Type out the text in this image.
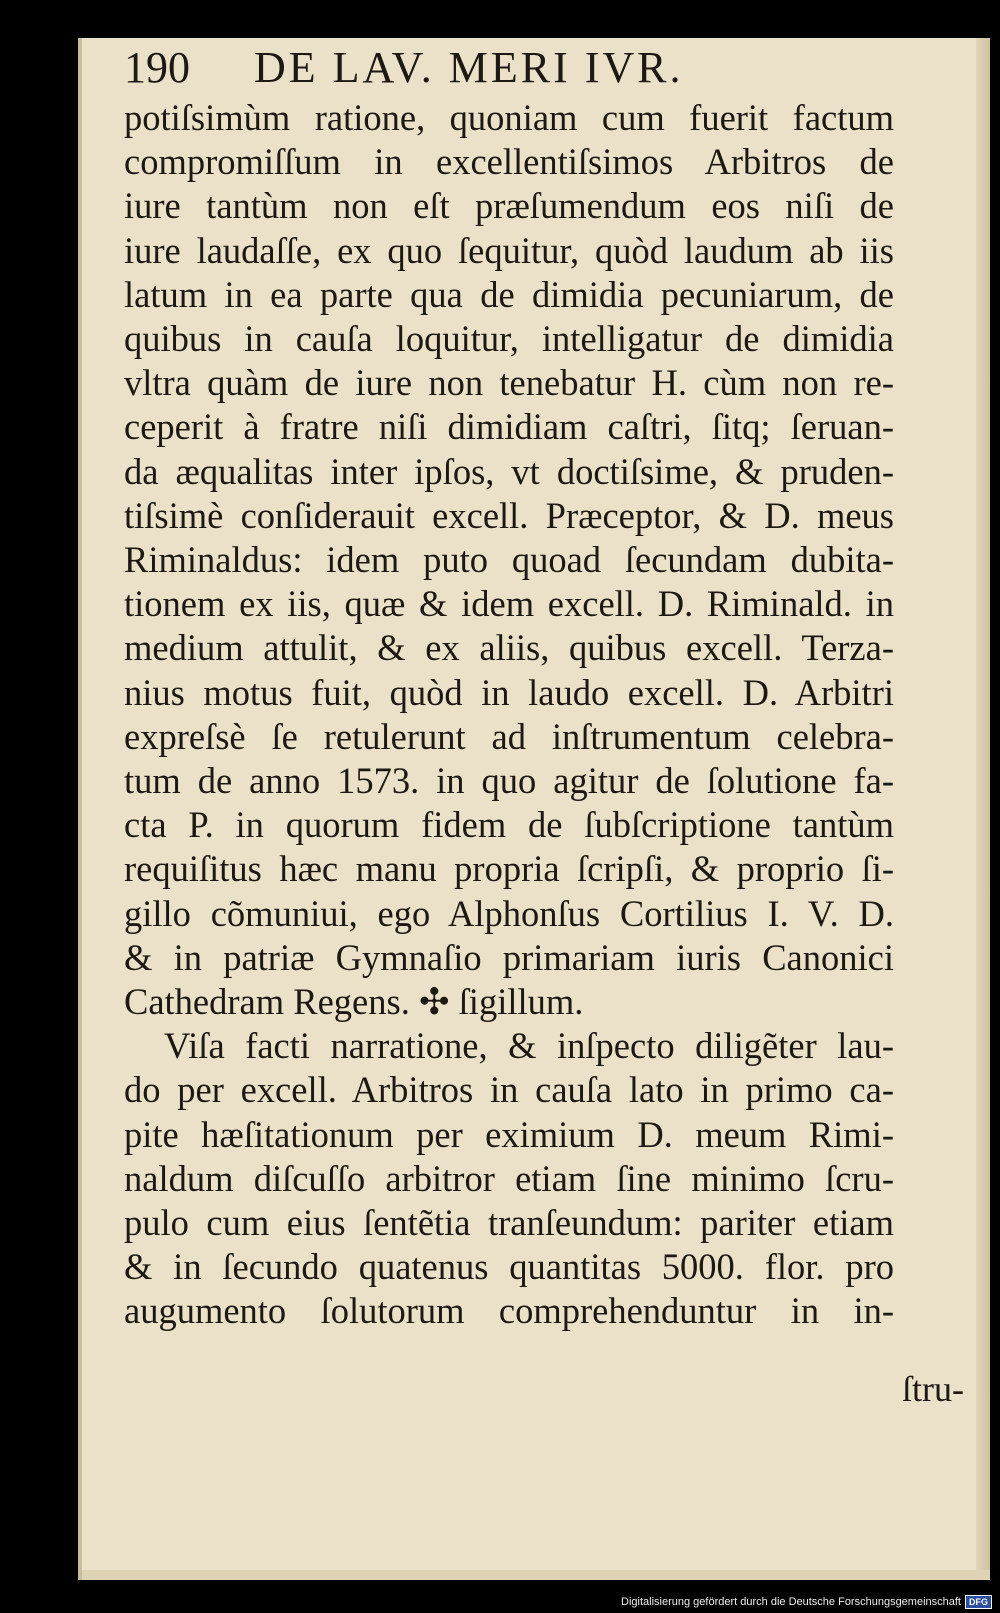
190 DE LAV. MERI IVR.
potiſsimùm ratione, quoniam cum fuerit factum
compromiſſum in excellentiſsimos Arbitros de
iure tantùm non eſt præſumendum eos niſi de
iure laudaſſe, ex quo ſequitur, quòd laudum ab iis
latum in ea parte qua de dimidia pecuniarum, de
quibus in cauſa loquitur, intelligatur de dimidia
vltra quàm de iure non tenebatur H. cùm non re-
ceperit à fratre niſi dimidiam caſtri, ſitq; ſeruan-
da æqualitas inter ipſos, vt doctiſsime, & pruden-
tiſsimè conſiderauit excell. Præceptor, & D. meus
Riminaldus: idem puto quoad ſecundam dubita-
tionem ex iis, quæ & idem excell. D. Riminald. in
medium attulit, & ex aliis, quibus excell. Terza-
nius motus fuit, quòd in laudo excell. D. Arbitri
expreſsè ſe retulerunt ad inſtrumentum celebra-
tum de anno 1573. in quo agitur de ſolutione fa-
cta P. in quorum fidem de ſubſcriptione tantùm
requiſitus hæc manu propria ſcripſi, & proprio ſi-
gillo cõmuniui, ego Alphonſus Cortilius I. V. D.
& in patriæ Gymnaſio primariam iuris Canonici
Cathedram Regens. ✣ ſigillum.
Viſa facti narratione, & inſpecto diligẽter lau-
do per excell. Arbitros in cauſa lato in primo ca-
pite hæſitationum per eximium D. meum Rimi-
naldum diſcuſſo arbitror etiam ſine minimo ſcru-
pulo cum eius ſentẽtia tranſeundum: pariter etiam
& in ſecundo quatenus quantitas 5000. flor. pro
augumento ſolutorum comprehenduntur in in-
ſtru-
Digitalisierung gefördert durch die Deutsche Forschungsgemeinschaft DFG
